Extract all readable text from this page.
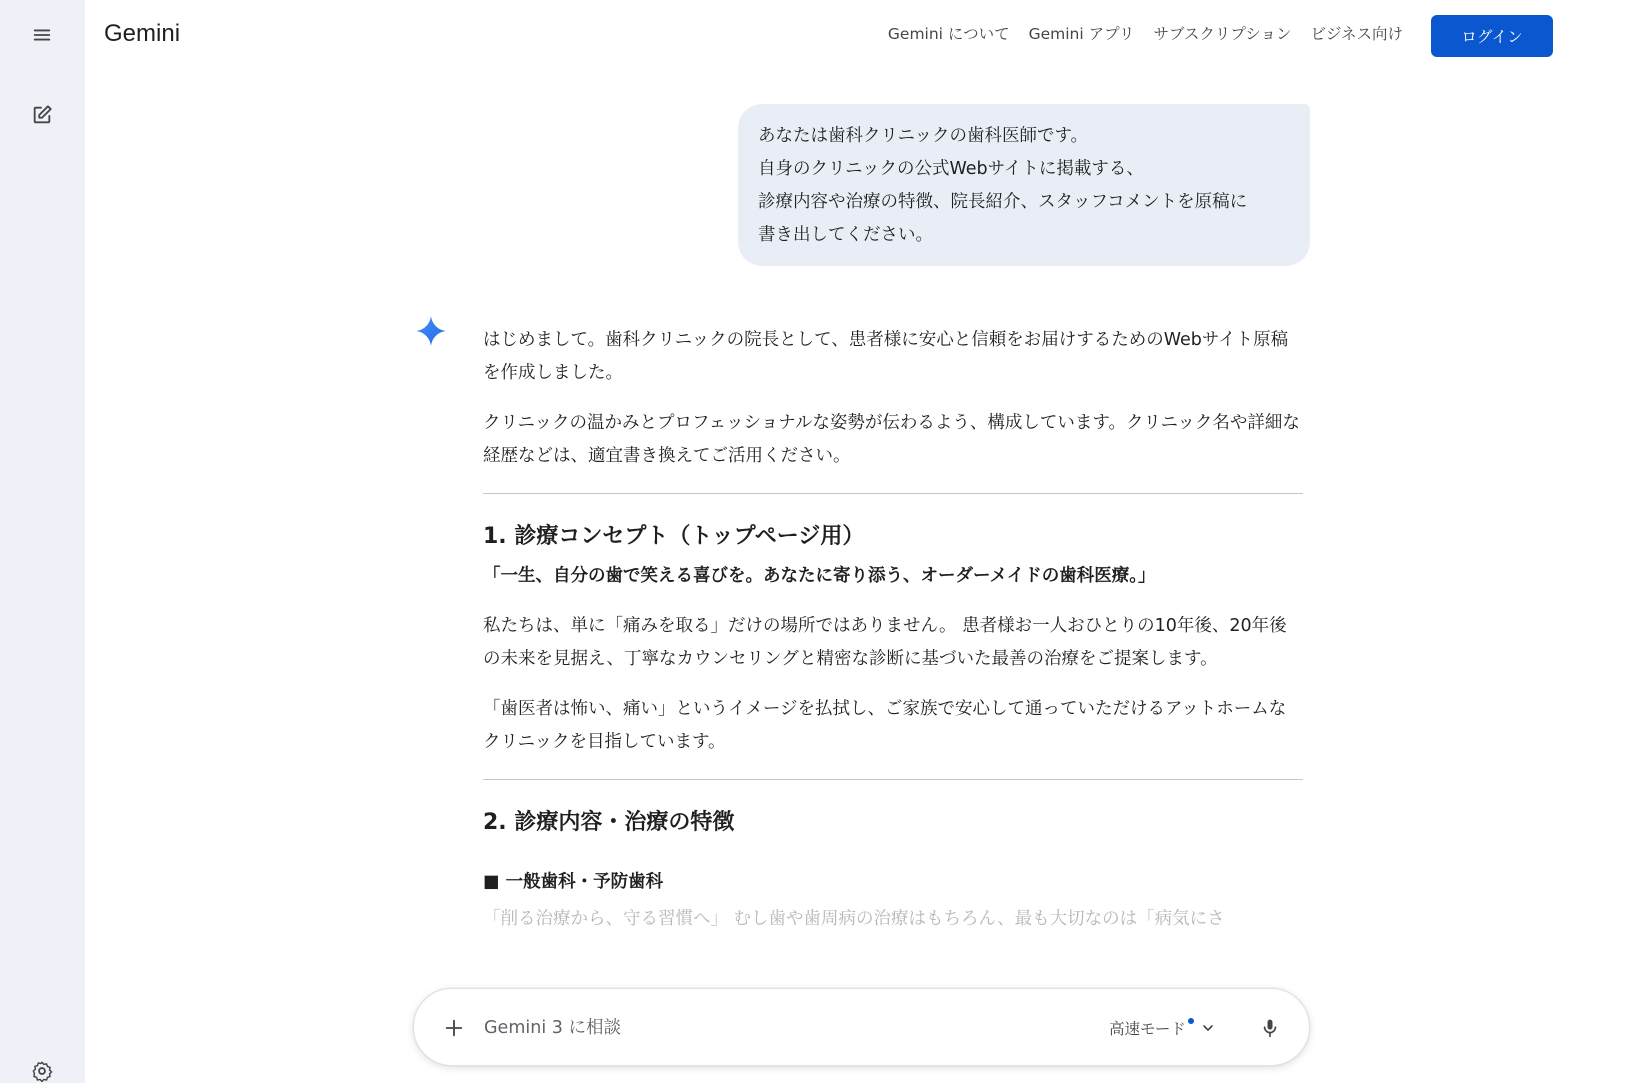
Gemini	Gemini について Gemini アプリ サブスクリプション ビジネス向け	ログイン
あなたは歯科クリニックの歯科医師です。
自身のクリニックの公式Webサイトに掲載する、
診療内容や治療の特徴、院長紹介、スタッフコメントを原稿に
書き出してください。

はじめまして。歯科クリニックの院長として、患者様に安心と信頼をお届けするためのWebサイト原稿を作成しました。

クリニックの温かみとプロフェッショナルな姿勢が伝わるよう、構成しています。クリニック名や詳細な経歴などは、適宜書き換えてご活用ください。

1. 診療コンセプト（トップページ用）
「一生、自分の歯で笑える喜びを。あなたに寄り添う、オーダーメイドの歯科医療。」

私たちは、単に「痛みを取る」だけの場所ではありません。 患者様お一人おひとりの10年後、20年後の未来を見据え、丁寧なカウンセリングと精密な診断に基づいた最善の治療をご提案します。

「歯医者は怖い、痛い」というイメージを払拭し、ご家族で安心して通っていただけるアットホームなクリニックを目指しています。

2. 診療内容・治療の特徴
■ 一般歯科・予防歯科

「削る治療から、守る習慣へ」 むし歯や歯周病の治療はもちろん、最も大切なのは「病気にさ

Gemini 3 に相談
高速モード
